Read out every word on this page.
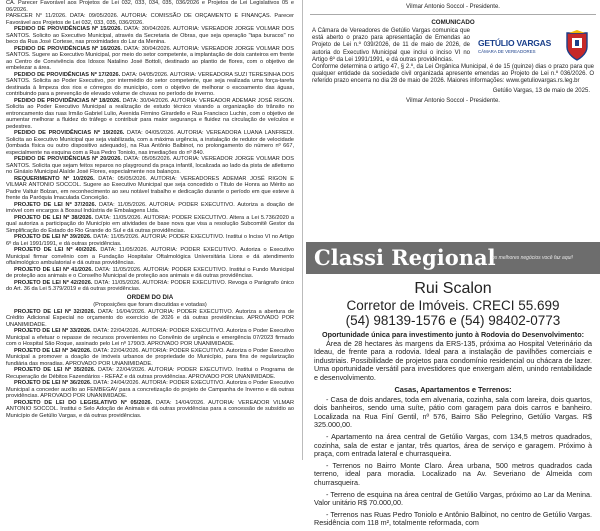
CA. Parecer Favorável aos Projetos de Lei 032, 033, 034, 035, 036/2026 e Projetos de Lei Legislativos 05 e 06/2026.

PARECER N° 11/2026. DATA: 09/05/2026. AUTORIA: COMISSÃO DE ORÇAMENTO E FINANÇAS. Parecer Favorável aos Projetos de Lei 032, 033, 035, 036/2026.

PEDIDO DE PROVIDÊNCIAS Nº 15/2026. DATA: 30/04/2026. AUTORIA: VEREADOR JORGE VOLMAR DOS SANTOS. Solicito ao Executivo Municipal, através da Secretaria de Obras, que seja operação "tapa buracos" no beco da Rua José Cortese, nas proximidades do Lar da Menina.

PEDIDO DE PROVIDÊNCIAS Nº 16/2026. DATA: 30/04/2026. AUTORIA: VEREADOR JORGE VOLMAR DOS SANTOS. Sugere ao Executivo Municipal, por meio do setor competente, a implantação de dois canteiros em frente ao Centro de Convivência dos Idosos Natalino José Bottoli, destinado ao plantio de flores, com o objetivo de embelezar a área.

PEDIDO DE PROVIDÊNCIAS Nº 17/2026. DATA: 04/05/2026. AUTORIA: VEREADORA SUZI TERESINHA DOS SANTOS. Solicita ao Poder Executivo, por intermédio do setor competente, que seja realizada uma força-tarefa destinada à limpeza dos rios e córregos do município, com o objetivo de melhorar o escoamento das águas, contribuindo para a prevenção de elevado volume de chuvas no período de inverno.

PEDIDO DE PROVIDÊNCIAS Nº 18/2026. DATA: 30/04/2026. AUTORIA: VEREADOR ADEMAR JOSÉ RIGON. Solicita ao Poder Executivo Municipal a realização de estudo técnico visando a organização do trânsito no entroncamento das ruas Irmão Gabriel Lulio, Avenida Firmino Girardello e Rua Francisco Luchin, com o objetivo de aumentar melhorar a fluidez do tráfego e contribuir para maior segurança e fluidez na circulação de veículos e pedestres.

PEDIDO DE PROVIDÊNCIAS Nº 19/2026. DATA: 04/05/2026. AUTORIA: VEREADORA LUANA LANFREDI. Solicita ao Executivo Municipal que seja viabilizada, com a máxima urgência, a instalação de redutor de velocidade (lombada física ou outro dispositivo adequado), na Rua Antônio Balbinot, no prolongamento do número nº 667, especialmente na esquina com a Rua Pedro Toniolo, nas imediações do nº 840.

PEDIDO DE PROVIDÊNCIAS Nº 20/2026. DATA: 05/05/2026. AUTORIA: VEREADOR JORGE VOLMAR DOS SANTOS. Solicita que sejam feitos reparos no playground da praça infantil, localizada ao lado da pista de atletismo no Ginásio Municipal Alaíde José Flores, especialmente nos balanços.

REQUERIMENTO Nº 10/2026. DATA: 05/05/2026. AUTORIA: VEREADORES ADEMAR JOSÉ RIGON E VILMAR ANTONIO SOCCOL. Sugere ao Executivo Municipal que seja concedido o Título de Honra ao Mérito ao Padre Valtuir Bolzan, em reconhecimento ao seu notável trabalho e dedicação durante o período em que esteve à frente da Paróquia Imaculada Conceição.

PROJETO DE LEI Nº 37/2026. DATA: 11/05/2026. AUTORIA: PODER EXECUTIVO. Autoriza a doação de imóvel com encargos à Bossul Indústria de Embalagens Ltda.

PROJETO DE LEI Nº 38/2026. DATA: 11/05/2026. AUTORIA: PODER EXECUTIVO. Altera a Lei 5.736/2020 a qual autoriza a participação do Município em atividades de base nova que visa a resolução Subcomitê Gestor da Simplificação do Estado do Rio Grande do Sul e dá outras providências.

PROJETO DE LEI Nº 39/2026. DATA: 11/05/2026. AUTORIA: PODER EXECUTIVO. Institui o Inciso VI no Artigo 6º da Lei 1991/1991, e dá outras providências.

PROJETO DE LEI Nº 40/2026. DATA: 11/05/2026. AUTORIA: PODER EXECUTIVO. Autoriza o Executivo Municipal firmar convênio com a Fundação Hospitalar Oftalmológica Universitária Lions e dá atendimento oftalmológico ambulatorial e dá outras providências.

PROJETO DE LEI Nº 41/2026. DATA: 11/05/2026. AUTORIA: PODER EXECUTIVO. Institui o Fundo Municipal de proteção aos animais e o Conselho Municipal de proteção aos animais e dá outras providências.

PROJETO DE LEI Nº 42/2026. DATA: 11/05/2026. AUTORIA: PODER EXECUTIVO. Revoga o Parágrafo único do Art. 36 da Lei 5.379/2019 e dá outras providências.

ORDEM DO DIA
(Proposições que foram discutidas e votadas)

PROJETO DE LEI Nº 32/2026. DATA: 16/04/2026. AUTORIA: PODER EXECUTIVO. Autoriza a abertura de Crédito Adicional Especial no orçamento do exercício de 2026 e dá outras providências. APROVADO POR UNANIMIDADE.

PROJETO DE LEI Nº 33/2026. DATA: 22/04/2026. AUTORIA: PODER EXECUTIVO. Autoriza o Poder Executivo Municipal a efetuar o repasse de recursos provenientes no Convênio de urgência e emergência 07/2023 firmado com o Hospital São Roque, assinado pelo Lei nº 1790/3. APROVADO POR UNANIMIDADE.

PROJETO DE LEI Nº 34/2026. DATA: 22/04/2026. AUTORIA: PODER EXECUTIVO. Autoriza o Poder Executivo Municipal a promover a doação de imóveis urbanos de propriedade do Município, para fins de regularização fundiária das moradias. APROVADO POR UNANIMIDADE.

PROJETO DE LEI Nº 35/2026. DATA: 22/04/2026. AUTORIA: PODER EXECUTIVO. Institui o Programa de Recuperação de Débitos Fazendários - REFAZ e dá outras providências. APROVADO POR UNANIMIDADE.

PROJETO DE LEI Nº 36/2026. DATA: 24/04/2026. AUTORIA: PODER EXECUTIVO. Autoriza o Poder Executivo Municipal a conceder auxílio ao FEMBEGAV para a concretização do projeto de Campanha de Inverno e dá outras providências. APROVADO POR UNANIMIDADE.

PROJETO DE LEI DO LEGISLATIVO Nº 05/2026. DATA: 14/04/2026. AUTORIA: VEREADOR VILMAR ANTONIO SOCCOL. Institui o Selo Adoção de Animais e dá outras providências para a concessão de subsídio ao Município de Getúlio Vargas, e dá outras providências.

Vilmar Antonio Soccol - Presidente.
COMUNICADO
GETÚLIO VARGAS
CÂMARA DE VEREADORES

A Câmara de Vereadores de Getúlio Vargas comunica que está aberto o prazo para apresentação de Emendas ao Projeto de Lei n.º 039/2026, de 11 de maio de 2026, de autoria do Executivo Municipal que inclui o inciso VI no Artigo 6º da Lei 1991/1991, e dá outras providências.

Conforme determina o artigo 47, § 2.º, da Lei Orgânica Municipal, é de 15 (quinze) dias o prazo para que qualquer entidade da sociedade civil organizada apresente emendas ao Projeto de Lei n.º 036/2026. O referido prazo encerra no dia 28 de maio de 2026. Maiores informações: www.getuliovargas.rs.leg.br

Getúlio Vargas, 13 de maio de 2025.
Vilmar Antonio Soccol - Presidente.
Classi Regional
os melhores negócios você faz aqui!

Rui Scalon

Corretor de Imóveis. CRECI 55.699

(54) 98139-1576 e (54) 98402-0773

Oportunidade única para investimento junto à Rodovia do Desenvolvimento:

Área de 28 hectares às margens da ERS-135, próxima ao Hospital Veterinário da Ideau, de frente para a rodovia. Ideal para a instalação de pavilhões comerciais e industriais. Possibilidade de projetos para condomínio residencial ou chácara de lazer. Uma oportunidade versátil para investidores que enxergam além, unindo rentabilidade e desenvolvimento.

Casas, Apartamentos e Terrenos:

- Casa de dois andares, toda em alvenaria, cozinha, sala com lareira, dois quartos, dois banheiros, sendo uma suíte, pátio com garagem para dois carros e banheiro. Localizada na Rua Finí Gentil, nº 576, Bairro São Pelegrino, Getúlio Vargas. R$ 325.000,00.

- Apartamento na área central de Getúlio Vargas, com 134,5 metros quadrados, cozinha, sala de estar e jantar, três quartos, área de serviço e garagem. Próximo à praça, com entrada lateral e churrasqueira.

- Terrenos no Bairro Monte Claro. Área urbana, 500 metros quadrados cada terreno, ideal para moradia. Localizado na Av. Severiano de Almeida com churrasqueira.

- Terreno de esquina na área central de Getúlio Vargas, próximo ao Lar da Menina. Valor unitário R$ 70.000,00.

- Terrenos nas Ruas Pedro Toniolo e Antônio Balbinot, no centro de Getúlio Vargas. Residência com 118 m², totalmente reformada, com
